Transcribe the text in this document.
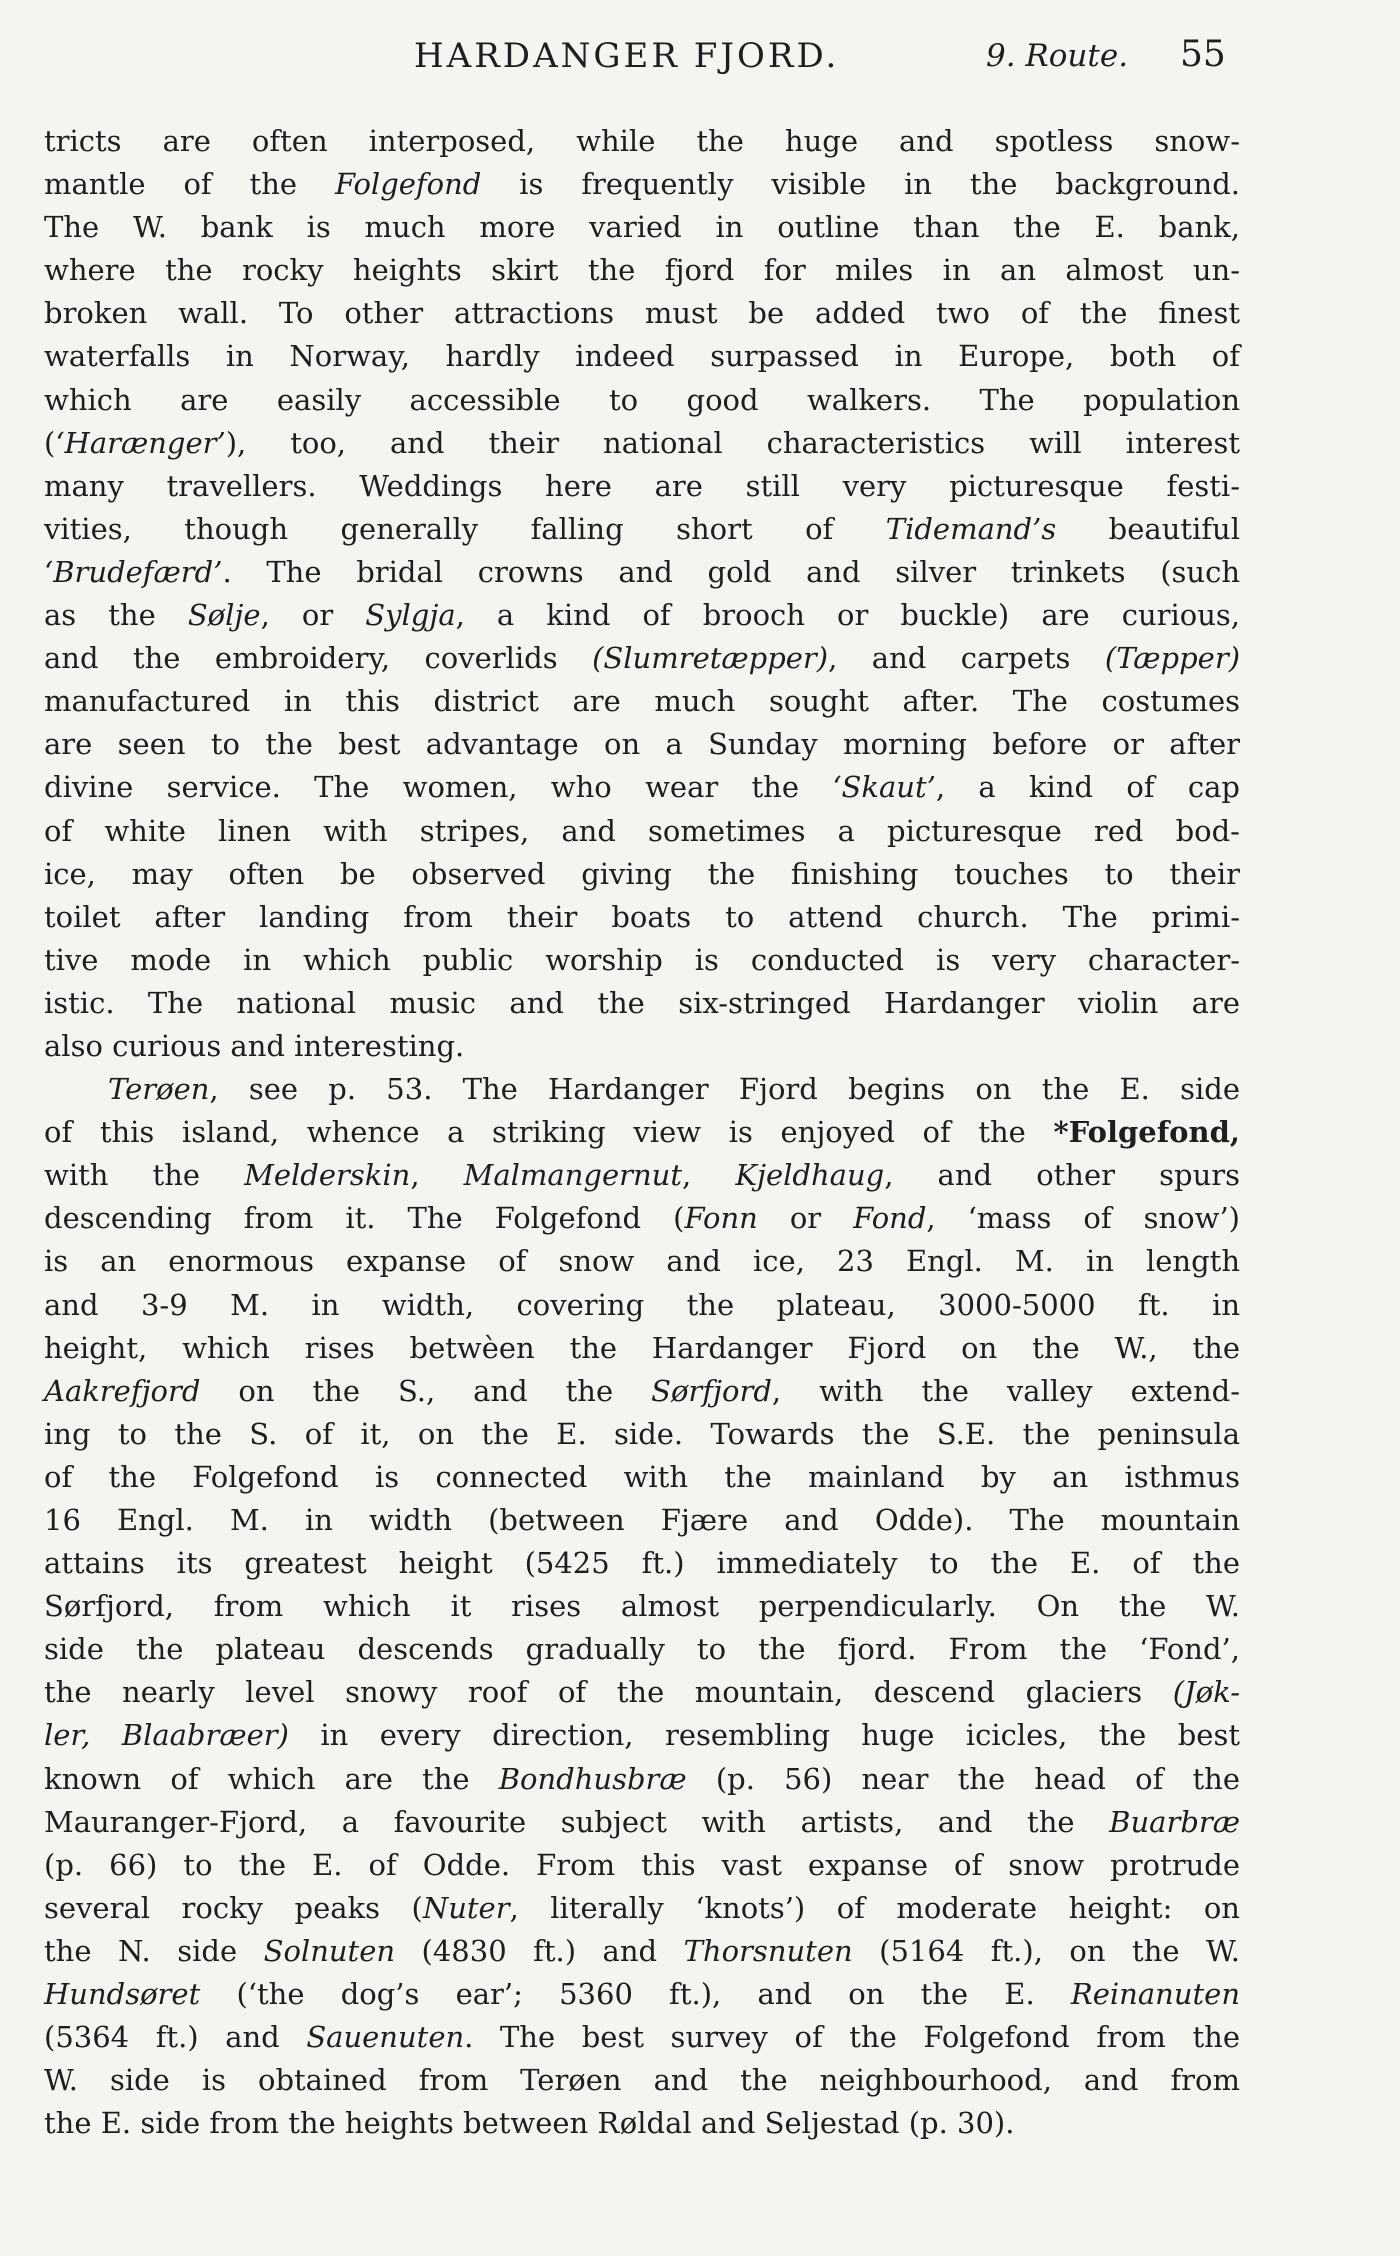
HARDANGER FJORD.	9. Route. 55
tricts are often interposed, while the huge and spotless snow-
mantle of the Folgefond is frequently visible in the background.
The W. bank is much more varied in outline than the E. bank,
where the rocky heights skirt the fjord for miles in an almost un-
broken wall. To other attractions must be added two of the finest
waterfalls in Norway, hardly indeed surpassed in Europe, both of
which are easily accessible to good walkers. The population
(‘Harænger’), too, and their national characteristics will interest
many travellers. Weddings here are still very picturesque festi-
vities, though generally falling short of Tidemand’s beautiful
‘Brudefærd’. The bridal crowns and gold and silver trinkets (such
as the Sølje, or Sylgja, a kind of brooch or buckle) are curious,
and the embroidery, coverlids (Slumretæpper), and carpets (Tæpper)
manufactured in this district are much sought after. The costumes
are seen to the best advantage on a Sunday morning before or after
divine service. The women, who wear the ‘Skaut’, a kind of cap
of white linen with stripes, and sometimes a picturesque red bod-
ice, may often be observed giving the finishing touches to their
toilet after landing from their boats to attend church. The primi-
tive mode in which public worship is conducted is very character-
istic. The national music and the six-stringed Hardanger violin are
also curious and interesting.
Terøen, see p. 53. The Hardanger Fjord begins on the E. side
of this island, whence a striking view is enjoyed of the *Folgefond,
with the Melderskin, Malmangernut, Kjeldhaug, and other spurs
descending from it. The Folgefond (Fonn or Fond, ‘mass of snow’)
is an enormous expanse of snow and ice, 23 Engl. M. in length
and 3-9 M. in width, covering the plateau, 3000-5000 ft. in
height, which rises betwèen the Hardanger Fjord on the W., the
Aakrefjord on the S., and the Sørfjord, with the valley extend-
ing to the S. of it, on the E. side. Towards the S.E. the peninsula
of the Folgefond is connected with the mainland by an isthmus
16 Engl. M. in width (between Fjære and Odde). The mountain
attains its greatest height (5425 ft.) immediately to the E. of the
Sørfjord, from which it rises almost perpendicularly. On the W.
side the plateau descends gradually to the fjord. From the ‘Fond’,
the nearly level snowy roof of the mountain, descend glaciers (Jøk-
ler, Blaabræer) in every direction, resembling huge icicles, the best
known of which are the Bondhusbræ (p. 56) near the head of the
Mauranger-Fjord, a favourite subject with artists, and the Buarbræ
(p. 66) to the E. of Odde. From this vast expanse of snow protrude
several rocky peaks (Nuter, literally ‘knots’) of moderate height: on
the N. side Solnuten (4830 ft.) and Thorsnuten (5164 ft.), on the W.
Hundsøret (‘the dog’s ear’; 5360 ft.), and on the E. Reinanuten
(5364 ft.) and Sauenuten. The best survey of the Folgefond from the
W. side is obtained from Terøen and the neighbourhood, and from
the E. side from the heights between Røldal and Seljestad (p. 30).
